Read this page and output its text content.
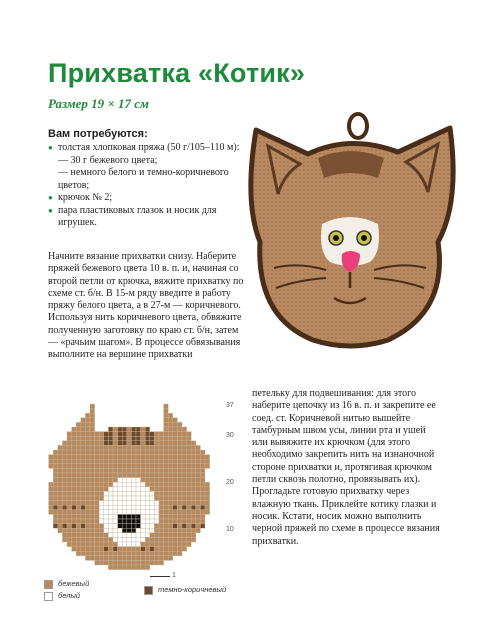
Прихватка «Котик»
Размер 19 × 17 см
Вам потребуются:
● толстая хлопковая пряжа (50 г/105–110 м):
— 30 г бежевого цвета;
— немного белого и темно-коричневого цветов;
● крючок № 2;
● пара пластиковых глазок и носик для игрушек.
Начните вязание прихватки снизу. Наберите пряжей бежевого цвета 10 в. п. и, начиная со второй петли от крючка, вяжите прихватку по схеме ст. б/н. В 15-м ряду введите в работу пряжу белого цвета, а в 27-м — коричневого. Используя нить коричневого цвета, обвяжите полученную заготовку по краю ст. б/н, затем — «рачьим шагом». В процессе обвязывания выполните на вершине прихватки
петельку для подвешивания: для этого наберите цепочку из 16 в. п. и закрепите ее соед. ст. Коричневой нитью вышейте тамбурным швом усы, линии рта и ушей или вывяжите их крючком (для этого необходимо закрепить нить на изнаночной стороне прихватки и, протягивая крючком петли сквозь полотно, провязывать их). Прогладьте готовую прихватку через влажную ткань. Приклейте котику глазки и носик. Кстати, носик можно выполнить черной пряжей по схеме в процессе вязания прихватки.
37
30
20
10
1
бежевый
белый
темно-коричневый
